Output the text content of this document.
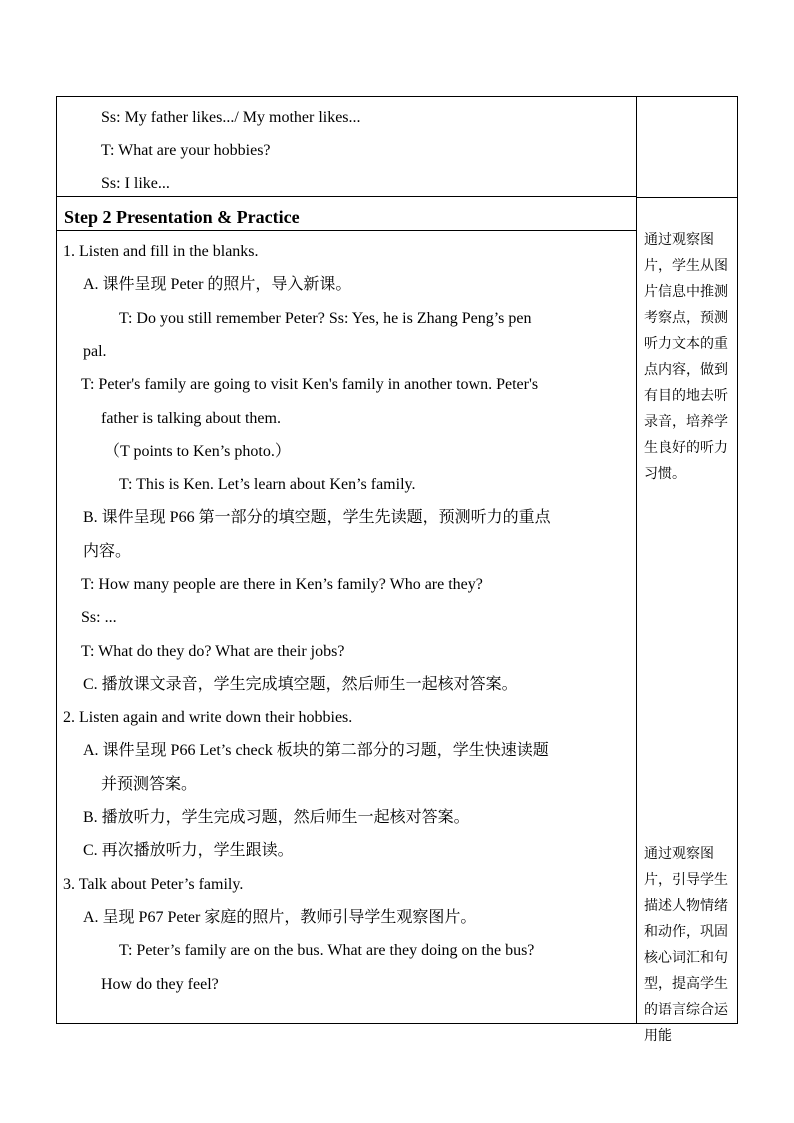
Ss: My father likes.../ My mother likes...
T: What are your hobbies?
Ss: I like...
Step 2 Presentation & Practice
1. Listen and fill in the blanks.
A. 课件呈现 Peter 的照片，导入新课。
T: Do you still remember Peter? Ss: Yes, he is Zhang Peng’s pen
pal.
T: Peter's family are going to visit Ken's family in another town. Peter's
father is talking about them.
（T points to Ken’s photo.）
T: This is Ken. Let’s learn about Ken’s family.
B. 课件呈现 P66 第一部分的填空题，学生先读题，预测听力的重点
内容。
T: How many people are there in Ken’s family? Who are they?
Ss: ...
T: What do they do? What are their jobs?
C. 播放课文录音，学生完成填空题，然后师生一起核对答案。
2. Listen again and write down their hobbies.
A. 课件呈现 P66 Let’s check 板块的第二部分的习题，学生快速读题
并预测答案。
B. 播放听力，学生完成习题，然后师生一起核对答案。
C. 再次播放听力，学生跟读。
3. Talk about Peter’s family.
A. 呈现 P67 Peter 家庭的照片，教师引导学生观察图片。
T: Peter’s family are on the bus. What are they doing on the bus?
How do they feel?
通过观察图片，学生从图片信息中推测考察点，预测听力文本的重点内容，做到有目的地去听录音，培养学生良好的听力习惯。
通过观察图片，引导学生描述人物情绪和动作，巩固核心词汇和句型，提高学生的语言综合运用能
